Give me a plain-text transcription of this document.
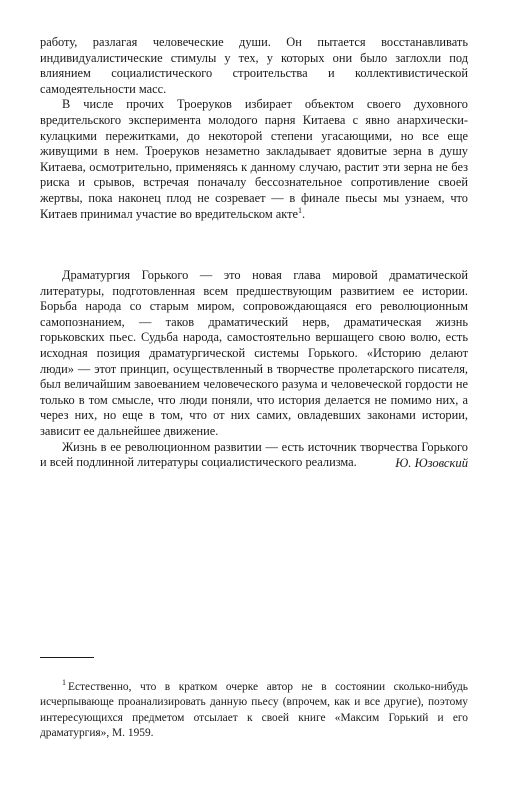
работу, разлагая человеческие души. Он пытается восстанавливать индивидуалистические стимулы у тех, у которых они было заглохли под влиянием социалистического строительства и коллективистической самодеятельности масс.

В числе прочих Троеруков избирает объектом своего духовного вредительского эксперимента молодого парня Китаева с явно анархически-кулацкими пережитками, до некоторой степени угасающими, но все еще живущими в нем. Троеруков незаметно закладывает ядовитые зерна в душу Китаева, осмотрительно, применяясь к данному случаю, растит эти зерна не без риска и срывов, встречая поначалу бессознательное сопротивление своей жертвы, пока наконец плод не созревает — в финале пьесы мы узнаем, что Китаев принимал участие во вредительском акте$^1$.

Драматургия Горького — это новая глава мировой драматической литературы, подготовленная всем предшествующим развитием ее истории. Борьба народа со старым миром, сопровождающаяся его революционным самопознанием, — таков драматический нерв, драматическая жизнь горьковских пьес. Судьба народа, самостоятельно вершащего свою волю, есть исходная позиция драматургической системы Горького. «Историю делают люди» — этот принцип, осуществленный в творчестве пролетарского писателя, был величайшим завоеванием человеческого разума и человеческой гордости не только в том смысле, что люди поняли, что история делается не помимо них, а через них, но еще в том, что от них самих, овладевших законами истории, зависит ее дальнейшее движение.

Жизнь в ее революционном развитии — есть источник творчества Горького и всей подлинной литературы социалистического реализма.	Ю. Юзовский

$^1$ Естественно, что в кратком очерке автор не в состоянии сколько-нибудь исчерпывающе проанализировать данную пьесу (впрочем, как и все другие), поэтому интересующихся предметом отсылает к своей книге «Максим Горький и его драматургия», М. 1959.
